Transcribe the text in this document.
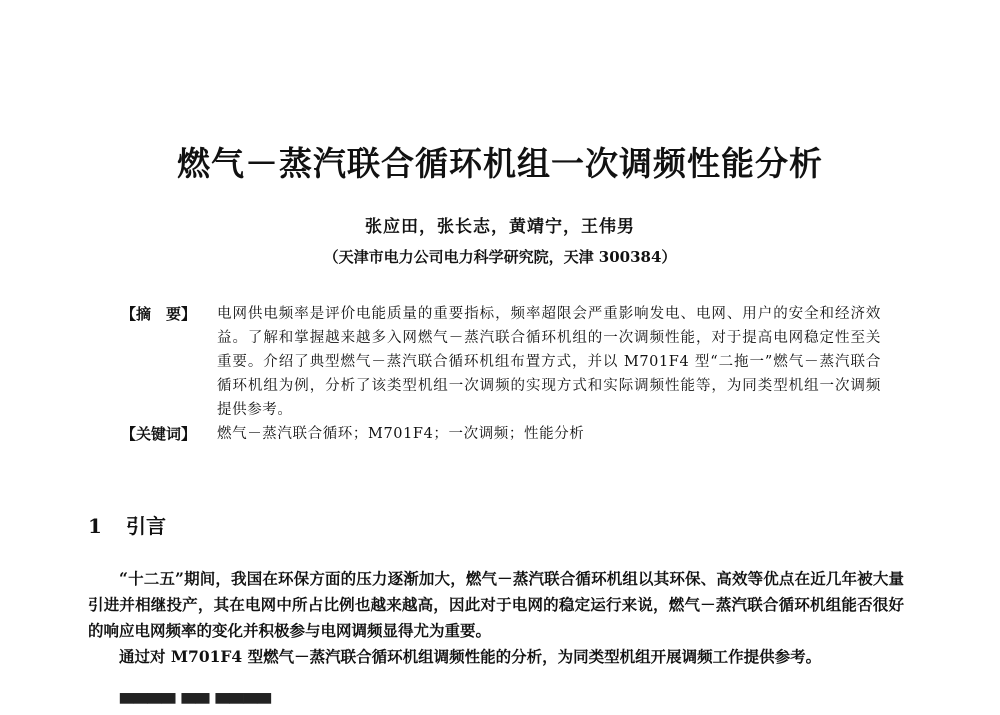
燃气－蒸汽联合循环机组一次调频性能分析
张应田，张长志，黄靖宁，王伟男
（天津市电力公司电力科学研究院，天津 300384）
【摘　要】	电网供电频率是评价电能质量的重要指标，频率超限会严重影响发电、电网、用户的安全和经济效益。了解和掌握越来越多入网燃气－蒸汽联合循环机组的一次调频性能，对于提高电网稳定性至关重要。介绍了典型燃气－蒸汽联合循环机组布置方式，并以 M701F4 型“二拖一”燃气－蒸汽联合循环机组为例，分析了该类型机组一次调频的实现方式和实际调频性能等，为同类型机组一次调频提供参考。
【关键词】	燃气－蒸汽联合循环；M701F4；一次调频；性能分析
1 引言

“十二五”期间，我国在环保方面的压力逐渐加大，燃气－蒸汽联合循环机组以其环保、高效等优点在近几年被大量引进并相继投产，其在电网中所占比例也越来越高，因此对于电网的稳定运行来说，燃气－蒸汽联合循环机组能否很好的响应电网频率的变化并积极参与电网调频显得尤为重要。

通过对 M701F4 型燃气－蒸汽联合循环机组调频性能的分析，为同类型机组开展调频工作提供参考。

▀▀▀▀ ▀▀ ▀▀▀▀
